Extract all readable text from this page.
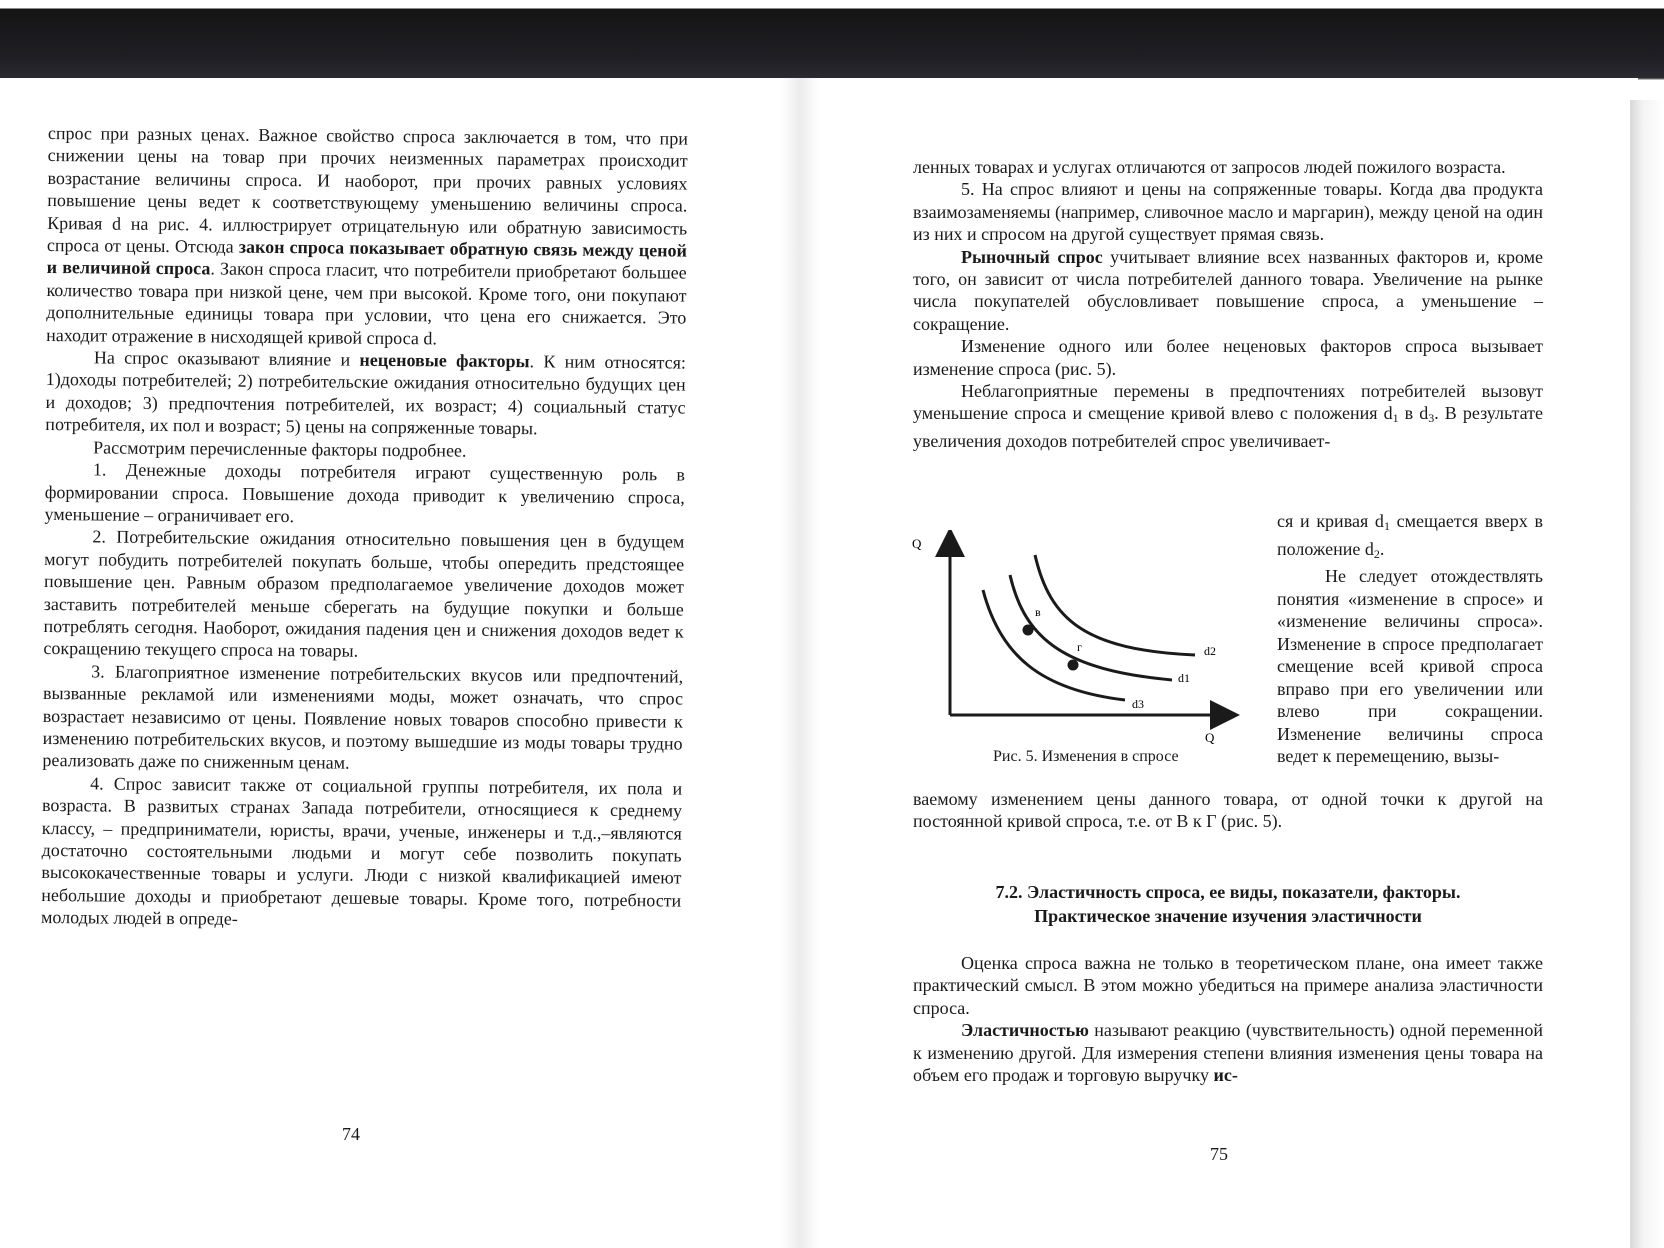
спрос при разных ценах. Важное свойство спроса заключается в том, что при снижении цены на товар при прочих неизменных параметрах происходит возрастание величины спроса. И наоборот, при прочих равных условиях повышение цены ведет к соответствующему уменьшению величины спроса. Кривая d на рис. 4. иллюстрирует отрицательную или обратную зависимость спроса от цены. Отсюда закон спроса показывает обратную связь между ценой и величиной спроса. Закон спроса гласит, что потребители приобретают большее количество товара при низкой цене, чем при высокой. Кроме того, они покупают дополнительные единицы товара при условии, что цена его снижается. Это находит отражение в нисходящей кривой спроса d.

На спрос оказывают влияние и неценовые факторы. К ним относятся: 1)доходы потребителей; 2) потребительские ожидания относительно будущих цен и доходов; 3) предпочтения потребителей, их возраст; 4) социальный статус потребителя, их пол и возраст; 5) цены на сопряженные товары.

Рассмотрим перечисленные факторы подробнее.

1. Денежные доходы потребителя играют существенную роль в формировании спроса. Повышение дохода приводит к увеличению спроса, уменьшение – ограничивает его.

2. Потребительские ожидания относительно повышения цен в будущем могут побудить потребителей покупать больше, чтобы опередить предстоящее повышение цен. Равным образом предполагаемое увеличение доходов может заставить потребителей меньше сберегать на будущие покупки и больше потреблять сегодня. Наоборот, ожидания падения цен и снижения доходов ведет к сокращению текущего спроса на товары.

3. Благоприятное изменение потребительских вкусов или предпочтений, вызванные рекламой или изменениями моды, может означать, что спрос возрастает независимо от цены. Появление новых товаров способно привести к изменению потребительских вкусов, и поэтому вышедшие из моды товары трудно реализовать даже по сниженным ценам.

4. Спрос зависит также от социальной группы потребителя, их пола и возраста. В развитых странах Запада потребители, относящиеся к среднему классу, – предприниматели, юристы, врачи, ученые, инженеры и т.д.,–являются достаточно состоятельными людьми и могут себе позволить покупать высококачественные товары и услуги. Люди с низкой квалификацией имеют небольшие доходы и приобретают дешевые товары. Кроме того, потребности молодых людей в опреде-

74

ленных товарах и услугах отличаются от запросов людей пожилого возраста.

5. На спрос влияют и цены на сопряженные товары. Когда два продукта взаимозаменяемы (например, сливочное масло и маргарин), между ценой на один из них и спросом на другой существует прямая связь.

Рыночный спрос учитывает влияние всех названных факторов и, кроме того, он зависит от числа потребителей данного товара. Увеличение на рынке числа покупателей обусловливает повышение спроса, а уменьшение – сокращение.

Изменение одного или более неценовых факторов спроса вызывает изменение спроса (рис. 5).

Неблагоприятные перемены в предпочтениях потребителей вызовут уменьшение спроса и смещение кривой влево с положения $d_1$ в $d_3$. В результате увеличения доходов потребителей спрос увеличивает-

ся и кривая $d_1$ смещается вверх в положение $d_2$.

Не следует отождествлять понятия «изменение в спросе» и «изменение величины спроса». Изменение в спросе предполагает смещение всей кривой спроса вправо при его увеличении или влево при сокращении. Изменение величины спроса ведет к перемещению, вызы-

Q
Q
в
г	d2
d1
d3
Рис. 5. Изменения в спросе

ваемому изменением цены данного товара, от одной точки к другой на постоянной кривой спроса, т.е. от В к Г (рис. 5).

7.2. Эластичность спроса, ее виды, показатели, факторы.
Практическое значение изучения эластичности

Оценка спроса важна не только в теоретическом плане, она имеет также практический смысл. В этом можно убедиться на примере анализа эластичности спроса.

Эластичностью называют реакцию (чувствительность) одной переменной к изменению другой. Для измерения степени влияния изменения цены товара на объем его продаж и торговую выручку ис-

75
